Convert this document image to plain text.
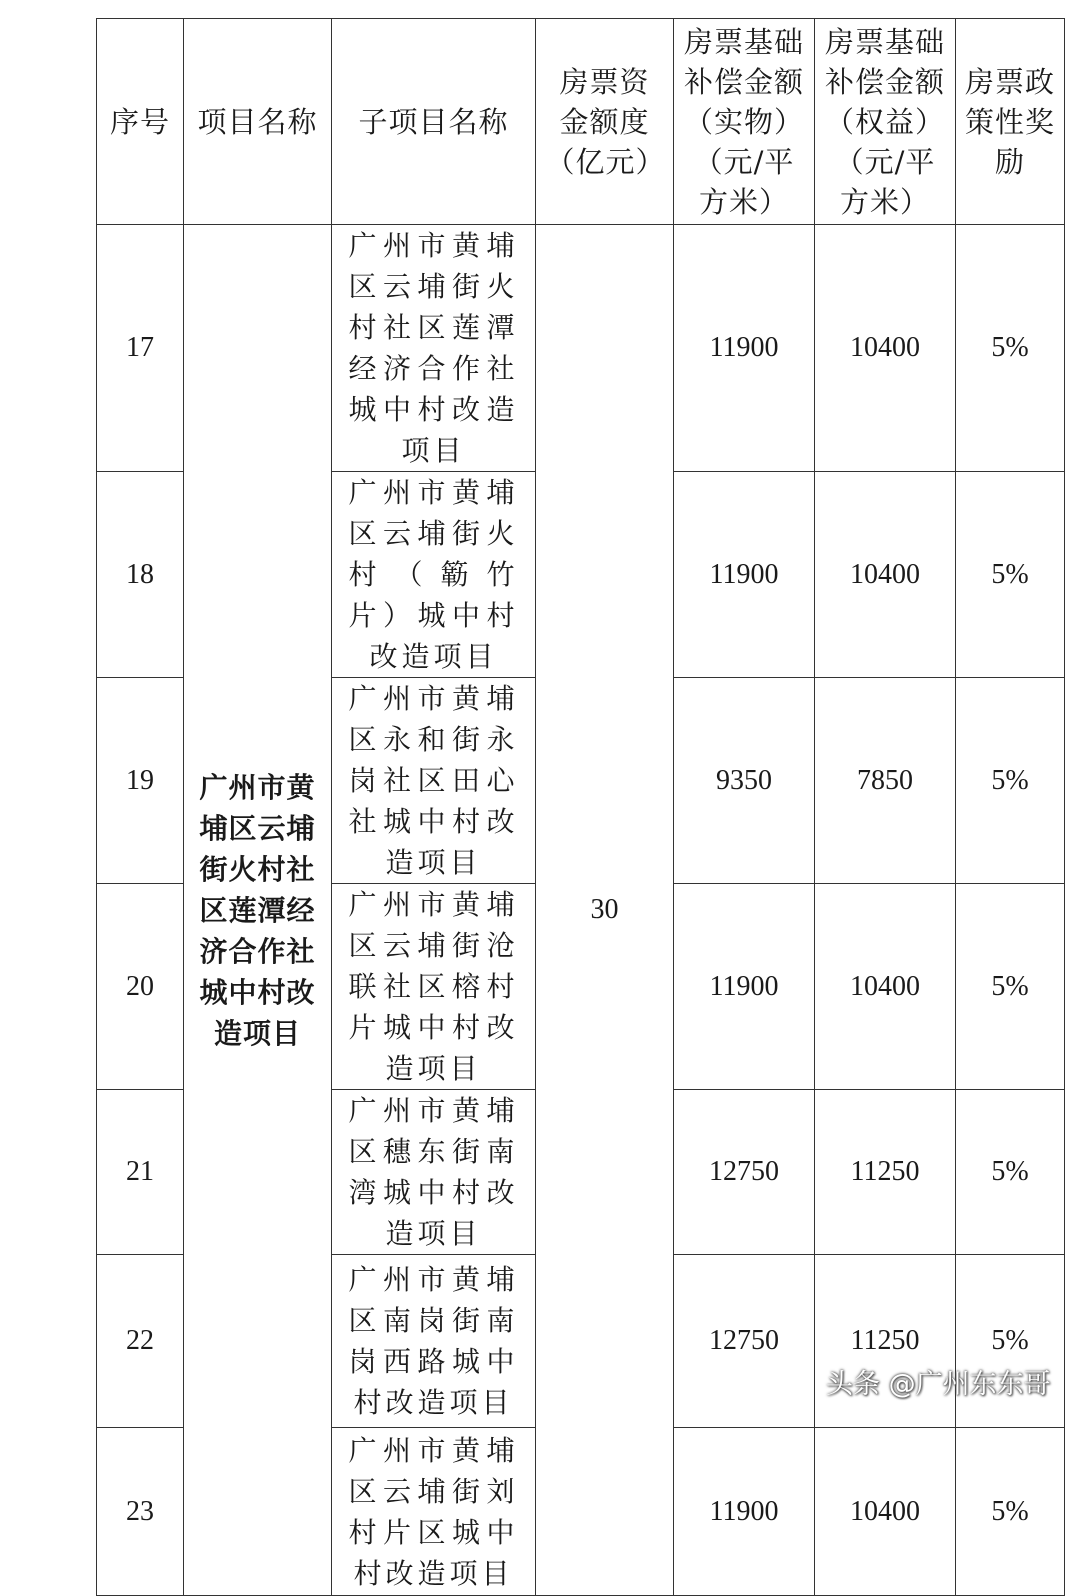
序号	项目名称	子项目名称	房票资金额度（亿元）	房票基础补偿金额（实物）（元/平方米）	房票基础补偿金额（权益）（元/平方米）	房票政策性奖励
17	广州市黄埔区云埔街火村社区莲潭经济合作社城中村改造项目	广州市黄埔区云埔街火村社区莲潭经济合作社城中村改造项目	30	11900	10400	5%
18		广州市黄埔区云埔街火村（簕竹片）城中村改造项目		11900	10400	5%
19		广州市黄埔区永和街永岗社区田心社城中村改造项目		9350	7850	5%
20		广州市黄埔区云埔街沧联社区榕村片城中村改造项目		11900	10400	5%
21		广州市黄埔区穗东街南湾城中村改造项目		12750	11250	5%
22		广州市黄埔区南岗街南岗西路城中村改造项目		12750	11250	5%
23		广州市黄埔区云埔街刘村片区城中村改造项目		11900	10400	5%
头条 @广州东东哥
